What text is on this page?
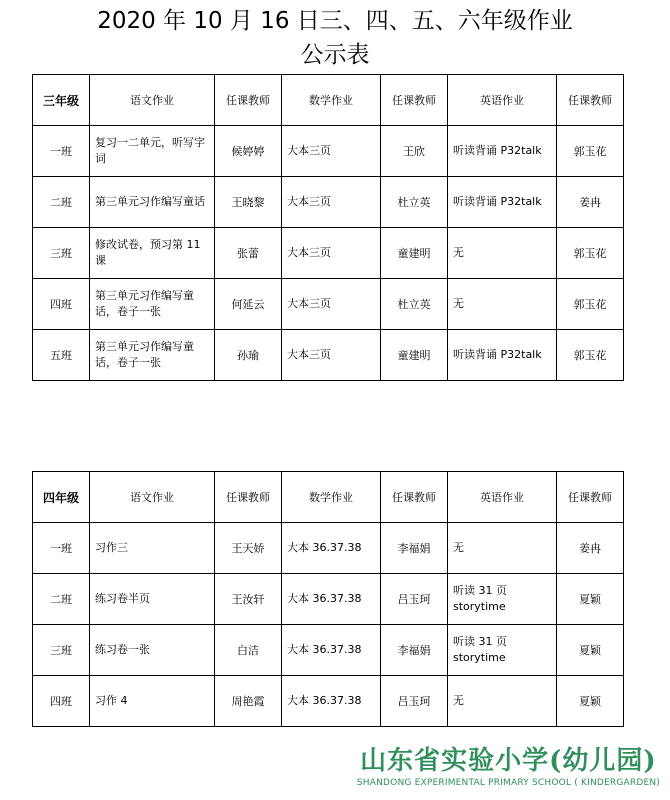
2020 年 10 月 16 日三、四、五、六年级作业
公示表
三年级	语文作业	任课教师	数学作业	任课教师	英语作业	任课教师
一班	复习一二单元，听写字词	候婷婷	大本三页	王欣	听读背诵 P32talk	郭玉花
二班	第三单元习作编写童话	王晓黎	大本三页	杜立英	听读背诵 P32talk	姜冉
三班	修改试卷，预习第 11 课	张蕾	大本三页	童建明	无	郭玉花
四班	第三单元习作编写童话，卷子一张	何延云	大本三页	杜立英	无	郭玉花
五班	第三单元习作编写童话，卷子一张	孙瑜	大本三页	童建明	听读背诵 P32talk	郭玉花
四年级	语文作业	任课教师	数学作业	任课教师	英语作业	任课教师
一班	习作三	王天娇	大本 36.37.38	李福娟	无	姜冉
二班	练习卷半页	王汝轩	大本 36.37.38	吕玉珂	听读 31 页 storytime	夏颖
三班	练习卷一张	白洁	大本 36.37.38	李福娟	听读 31 页 storytime	夏颖
四班	习作 4	周艳霞	大本 36.37.38	吕玉珂	无	夏颖
山东省实验小学(幼儿园)
SHANDONG EXPERIMENTAL PRIMARY SCHOOL ( KINDERGARDEN)
